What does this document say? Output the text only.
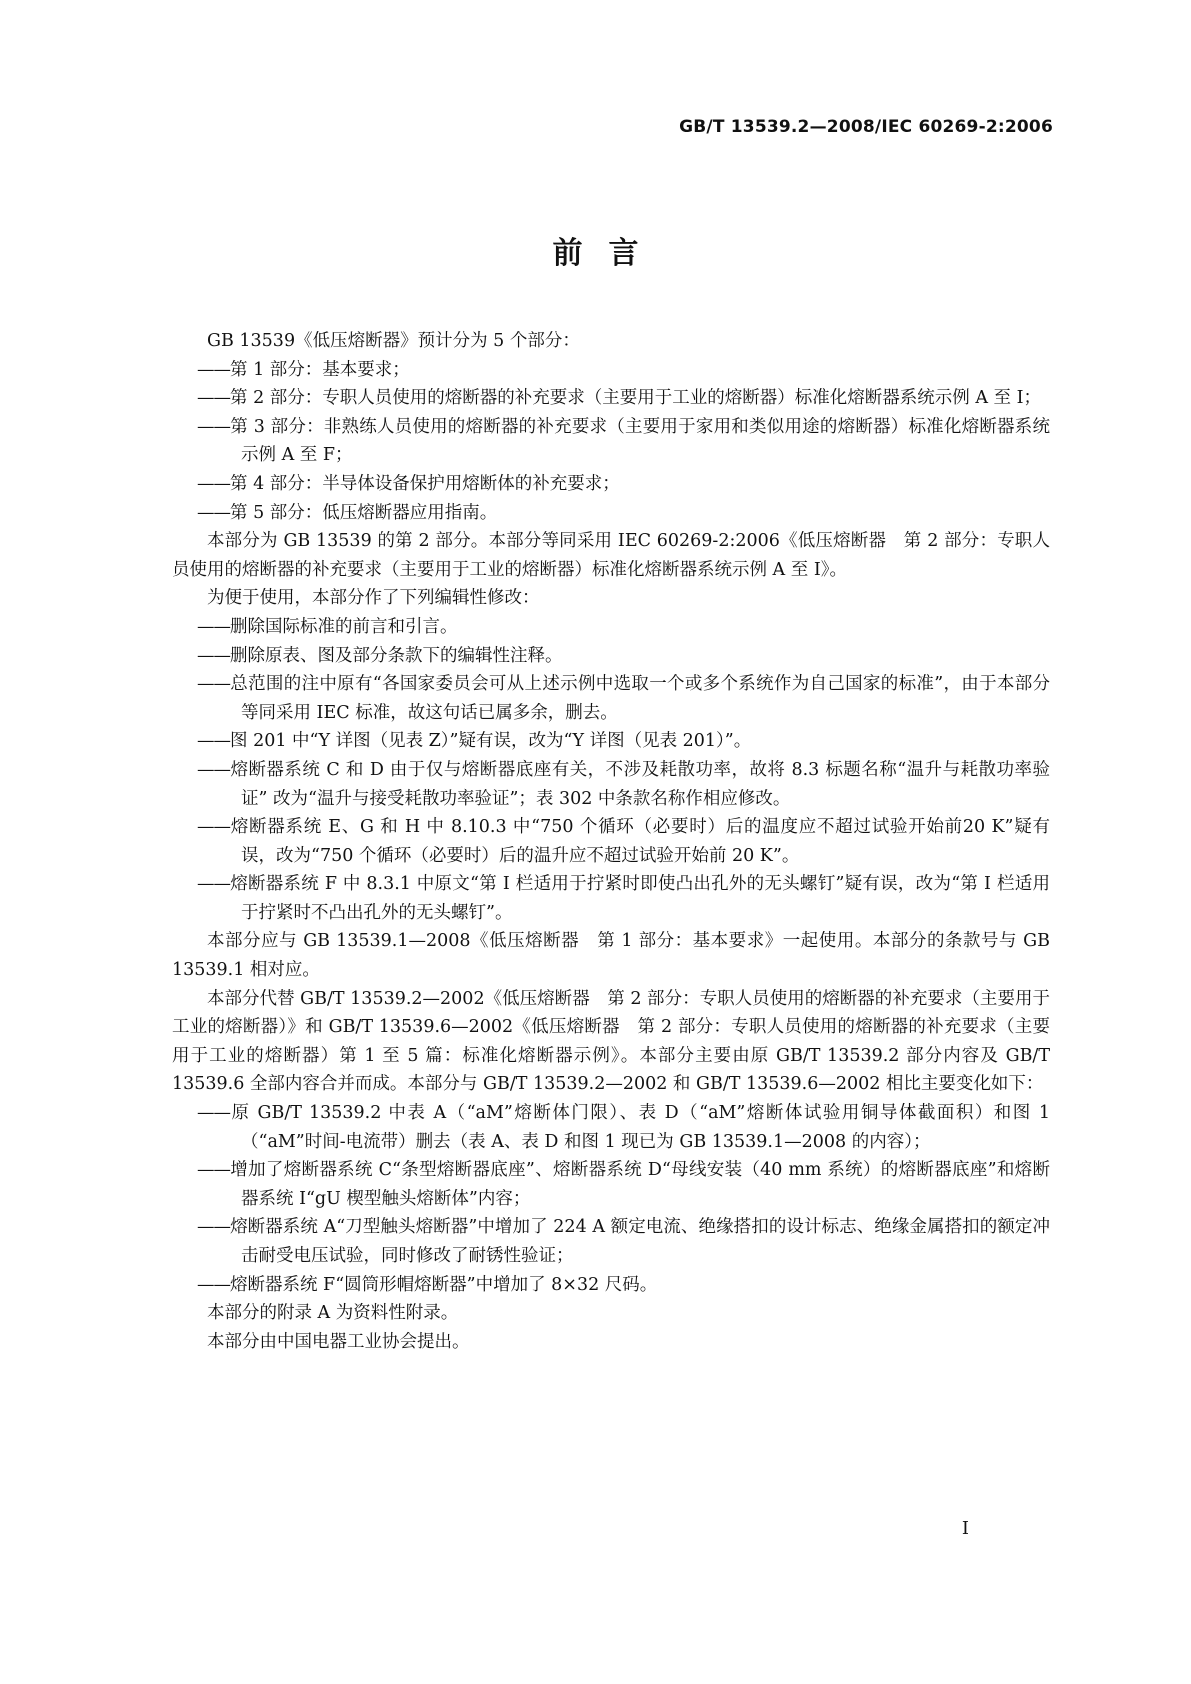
GB/T 13539.2—2008/IEC 60269-2:2006
前言

GB 13539《低压熔断器》预计分为 5 个部分：

——第 1 部分：基本要求；

——第 2 部分：专职人员使用的熔断器的补充要求（主要用于工业的熔断器）标准化熔断器系统示例 A 至 I；

——第 3 部分：非熟练人员使用的熔断器的补充要求（主要用于家用和类似用途的熔断器）标准化熔断器系统示例 A 至 F；

——第 4 部分：半导体设备保护用熔断体的补充要求；

——第 5 部分：低压熔断器应用指南。

本部分为 GB 13539 的第 2 部分。本部分等同采用 IEC 60269-2:2006《低压熔断器　第 2 部分：专职人员使用的熔断器的补充要求（主要用于工业的熔断器）标准化熔断器系统示例 A 至 I》。

为便于使用，本部分作了下列编辑性修改：

——删除国际标准的前言和引言。

——删除原表、图及部分条款下的编辑性注释。

——总范围的注中原有“各国家委员会可从上述示例中选取一个或多个系统作为自己国家的标准”，由于本部分等同采用 IEC 标准，故这句话已属多余，删去。

——图 201 中“Y 详图（见表 Z）”疑有误，改为“Y 详图（见表 201）”。

——熔断器系统 C 和 D 由于仅与熔断器底座有关，不涉及耗散功率，故将 8.3 标题名称“温升与耗散功率验证” 改为“温升与接受耗散功率验证”；表 302 中条款名称作相应修改。

——熔断器系统 E、G 和 H 中 8.10.3 中“750 个循环（必要时）后的温度应不超过试验开始前20 K”疑有误，改为“750 个循环（必要时）后的温升应不超过试验开始前 20 K”。

——熔断器系统 F 中 8.3.1 中原文“第 Ⅰ 栏适用于拧紧时即使凸出孔外的无头螺钉”疑有误，改为“第 Ⅰ 栏适用于拧紧时不凸出孔外的无头螺钉”。

本部分应与 GB 13539.1—2008《低压熔断器　第 1 部分：基本要求》一起使用。本部分的条款号与 GB 13539.1 相对应。

本部分代替 GB/T 13539.2—2002《低压熔断器　第 2 部分：专职人员使用的熔断器的补充要求（主要用于工业的熔断器）》和 GB/T 13539.6—2002《低压熔断器　第 2 部分：专职人员使用的熔断器的补充要求（主要用于工业的熔断器）第 1 至 5 篇：标准化熔断器示例》。本部分主要由原 GB/T 13539.2 部分内容及 GB/T 13539.6 全部内容合并而成。本部分与 GB/T 13539.2—2002 和 GB/T 13539.6—2002 相比主要变化如下：

——原 GB/T 13539.2 中表 A（“aM”熔断体门限）、表 D（“aM”熔断体试验用铜导体截面积）和图 1（“aM”时间-电流带）删去（表 A、表 D 和图 1 现已为 GB 13539.1—2008 的内容）；

——增加了熔断器系统 C“条型熔断器底座”、熔断器系统 D“母线安装（40 mm 系统）的熔断器底座”和熔断器系统 I“gU 楔型触头熔断体”内容；

——熔断器系统 A“刀型触头熔断器”中增加了 224 A 额定电流、绝缘搭扣的设计标志、绝缘金属搭扣的额定冲击耐受电压试验，同时修改了耐锈性验证；

——熔断器系统 F“圆筒形帽熔断器”中增加了 8×32 尺码。

本部分的附录 A 为资料性附录。

本部分由中国电器工业协会提出。

I
